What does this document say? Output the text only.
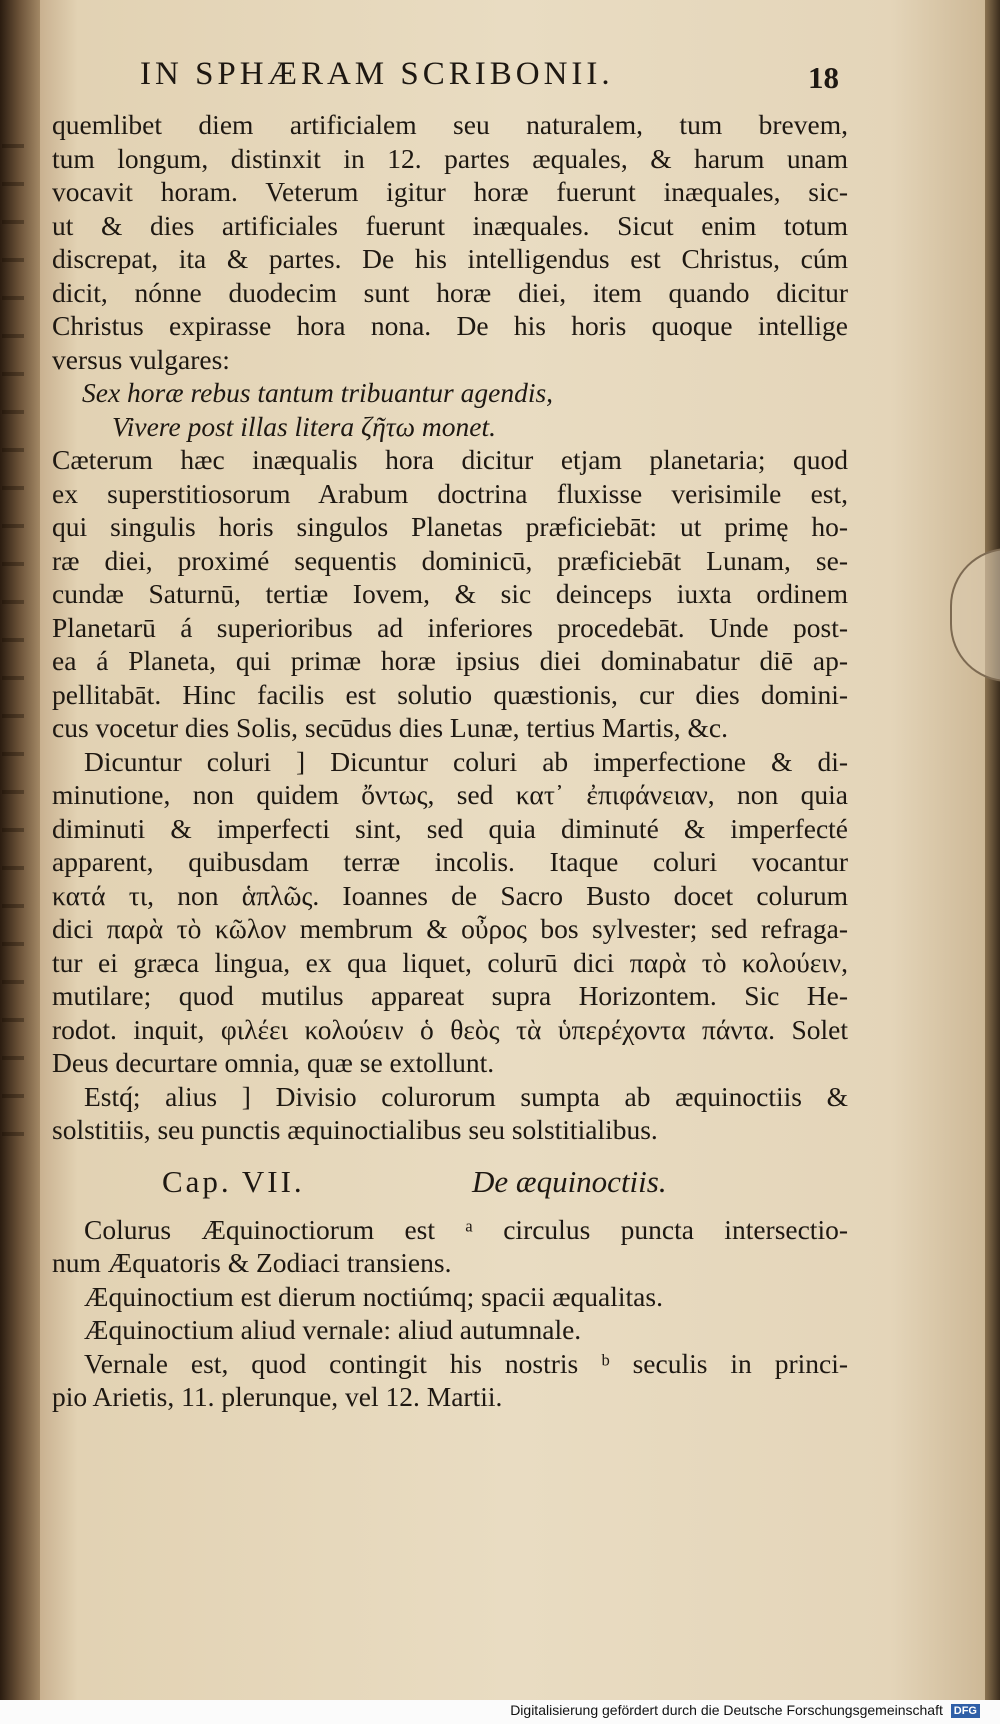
IN SPHÆRAM SCRIBONII.	18
quemlibet diem artificialem seu naturalem, tum brevem,
tum longum, distinxit in 12. partes æquales, & harum unam
vocavit horam. Veterum igitur horæ fuerunt inæquales, sic-
ut & dies artificiales fuerunt inæquales. Sicut enim totum
discrepat, ita & partes. De his intelligendus est Christus, cúm
dicit, nónne duodecim sunt horæ diei, item quando dicitur
Christus expirasse hora nona. De his horis quoque intellige
versus vulgares:
Sex horæ rebus tantum tribuantur agendis,
Vivere post illas litera ζῆτω monet.
Cæterum hæc inæqualis hora dicitur etjam planetaria; quod
ex superstitiosorum Arabum doctrina fluxisse verisimile est,
qui singulis horis singulos Planetas præficiebāt: ut primę ho-
ræ diei, proximé sequentis dominicū, præficiebāt Lunam, se-
cundæ Saturnū, tertiæ Iovem, & sic deinceps iuxta ordinem
Planetarū á superioribus ad inferiores procedebāt. Unde post-
ea á Planeta, qui primæ horæ ipsius diei dominabatur diē ap-
pellitabāt. Hinc facilis est solutio quæstionis, cur dies domini-
cus vocetur dies Solis, secūdus dies Lunæ, tertius Martis, &c.
Dicuntur coluri ] Dicuntur coluri ab imperfectione & di-
minutione, non quidem ὄντως, sed κατ᾽ ἐπιφάνειαν, non quia
diminuti & imperfecti sint, sed quia diminuté & imperfecté
apparent, quibusdam terræ incolis. Itaque coluri vocantur
κατά τι, non ἁπλῶς. Ioannes de Sacro Busto docet colurum
dici παρὰ τὸ κῶλον membrum & οὖρος bos sylvester; sed refraga-
tur ei græca lingua, ex qua liquet, colurū dici παρὰ τὸ κολούειν,
mutilare; quod mutilus appareat supra Horizontem. Sic He-
rodot. inquit, φιλέει κολούειν ὁ θεὸς τὰ ὑπερέχοντα πάντα. Solet
Deus decurtare omnia, quæ se extollunt.
Estq́; alius ] Divisio colurorum sumpta ab æquinoctiis &
solstitiis, seu punctis æquinoctialibus seu solstitialibus.
Cap. VII.	De æquinoctiis.
Colurus Æquinoctiorum est ᵃ circulus puncta intersectio-
num Æquatoris & Zodiaci transiens.
Æquinoctium est dierum noctiúmq; spacii æqualitas.
Æquinoctium aliud vernale: aliud autumnale.
Vernale est, quod contingit his nostris ᵇ seculis in princi-
pio Arietis, 11. plerunque, vel 12. Martii.
Digitalisierung gefördert durch die Deutsche Forschungsgemeinschaft DFG
